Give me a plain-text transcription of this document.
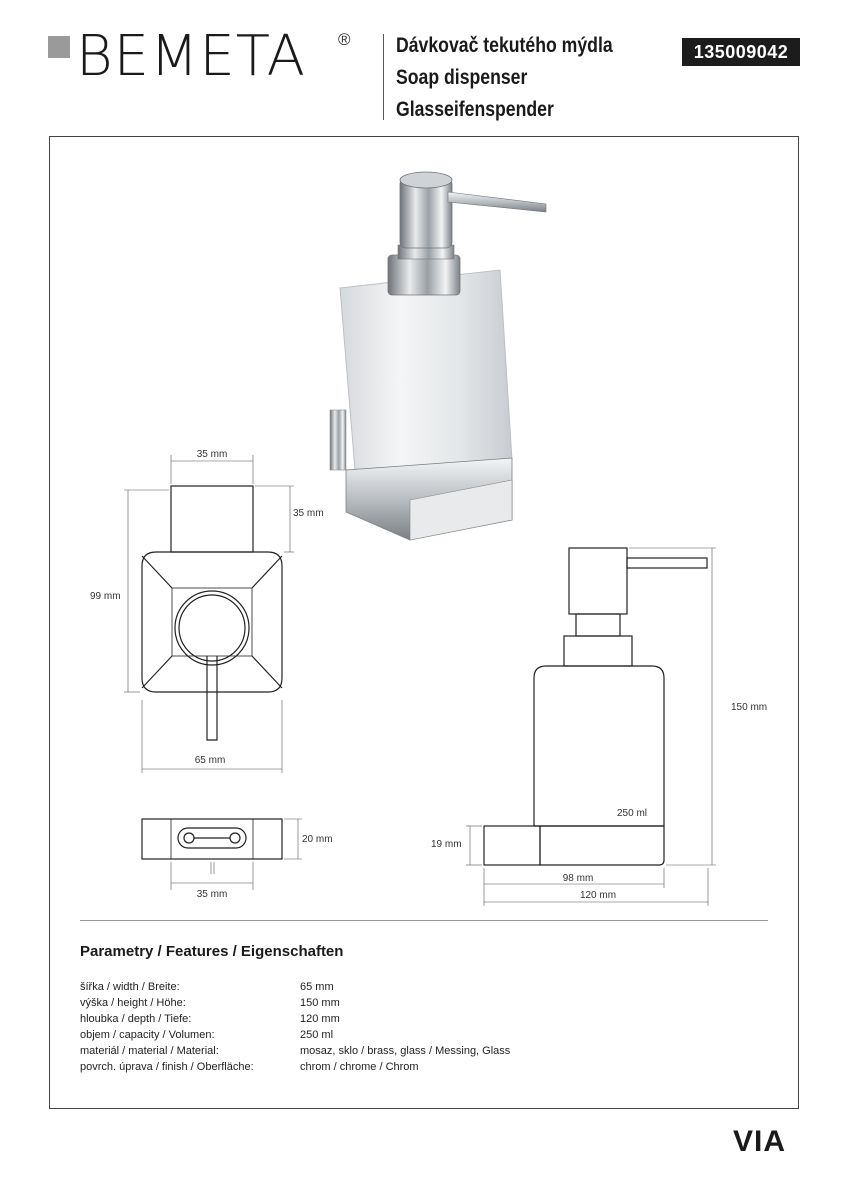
BEMETA ® Dávkovač tekutého mýdla
Soap dispenser
Glasseifenspender
135009042
35 mm
35 mm
99 mm
65 mm
20 mm
35 mm
250 ml
150 mm
19 mm
98 mm
120 mm
Parametry / Features / Eigenschaften
šířka / width / Breite:	65 mm
výška / height / Höhe:	150 mm
hloubka / depth / Tiefe:	120 mm
objem / capacity / Volumen:	250 ml
materiál / material / Material:	mosaz, sklo / brass, glass / Messing, Glass
povrch. úprava / finish / Oberfläche:	chrom / chrome / Chrom
VIA
